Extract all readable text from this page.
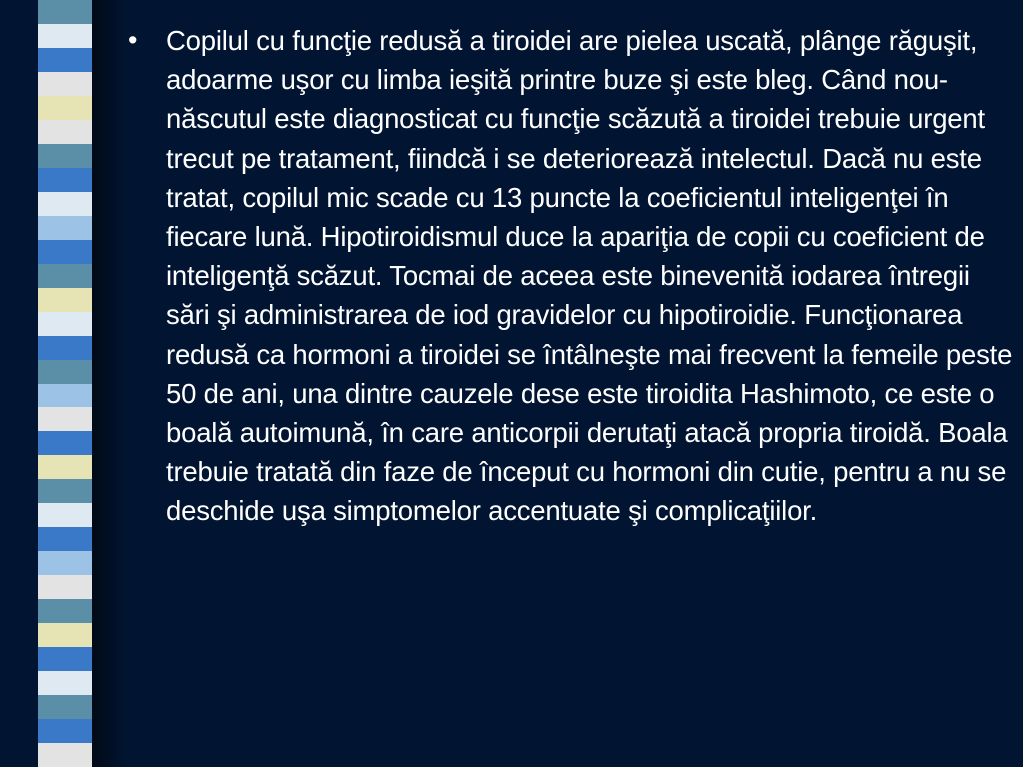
•	Copilul cu funcţie redusă a tiroidei are pielea uscată, plânge răguşit, adoarme uşor cu limba ieşită printre buze şi este bleg. Când nou-născutul este diagnosticat cu funcţie scăzută a tiroidei trebuie urgent trecut pe tratament, fiindcă i se deteriorează intelectul. Dacă nu este tratat, copilul mic scade cu 13 puncte la coeficientul inteligenţei în fiecare lună. Hipotiroidismul duce la apariţia de copii cu coeficient de inteligenţă scăzut. Tocmai de aceea este binevenită iodarea întregii sări şi administrarea de iod gravidelor cu hipotiroidie. Funcţionarea redusă ca hormoni a tiroidei se întâlneşte mai frecvent la femeile peste 50 de ani, una dintre cauzele dese este tiroidita Hashimoto, ce este o boală autoimună, în care anticorpii derutaţi atacă propria tiroidă. Boala trebuie tratată din faze de început cu hormoni din cutie, pentru a nu se deschide uşa simptomelor accentuate şi complicaţiilor.
